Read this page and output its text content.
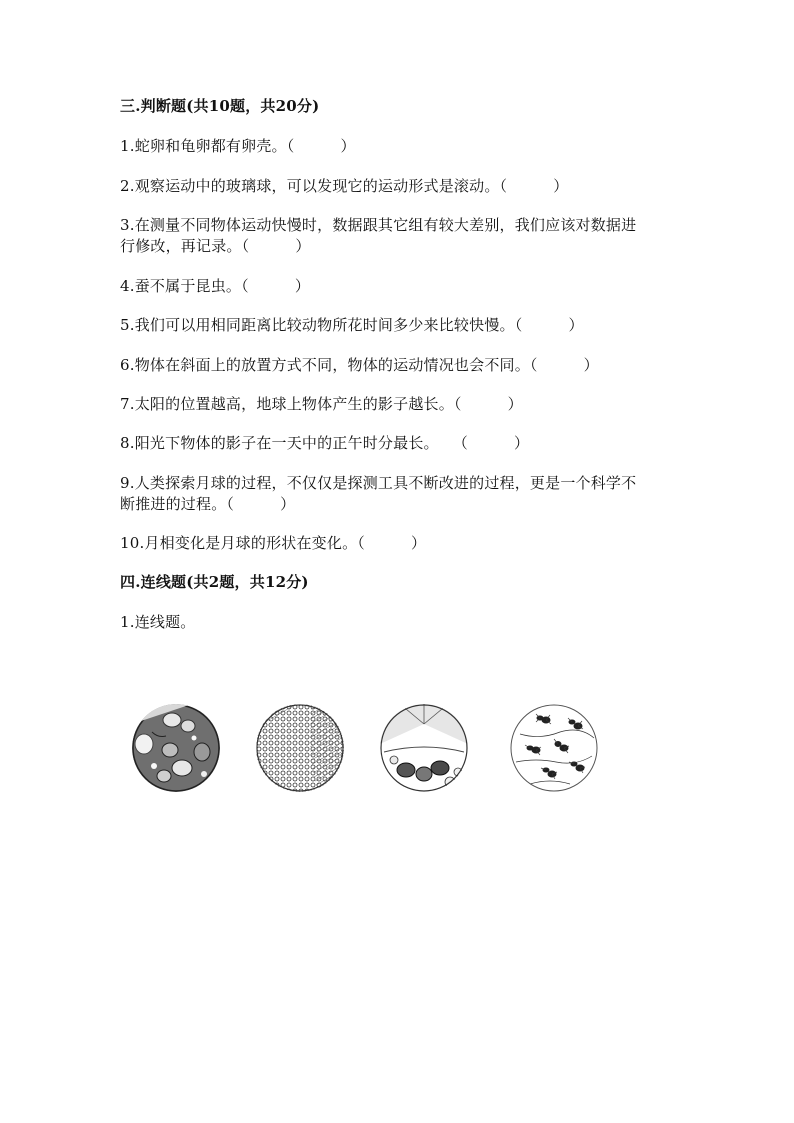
三.判断题(共10题，共20分)
1.蛇卵和龟卵都有卵壳。（	）
2.观察运动中的玻璃球，可以发现它的运动形式是滚动。（	）
3.在测量不同物体运动快慢时，数据跟其它组有较大差别，我们应该对数据进
行修改，再记录。（	）
4.蚕不属于昆虫。（	）
5.我们可以用相同距离比较动物所花时间多少来比较快慢。（	）
6.物体在斜面上的放置方式不同，物体的运动情况也会不同。（	）
7.太阳的位置越高，地球上物体产生的影子越长。（	）
8.阳光下物体的影子在一天中的正午时分最长。 （	）
9.人类探索月球的过程，不仅仅是探测工具不断改进的过程，更是一个科学不
断推进的过程。（	）
10.月相变化是月球的形状在变化。（	）
四.连线题(共2题，共12分)
1.连线题。
